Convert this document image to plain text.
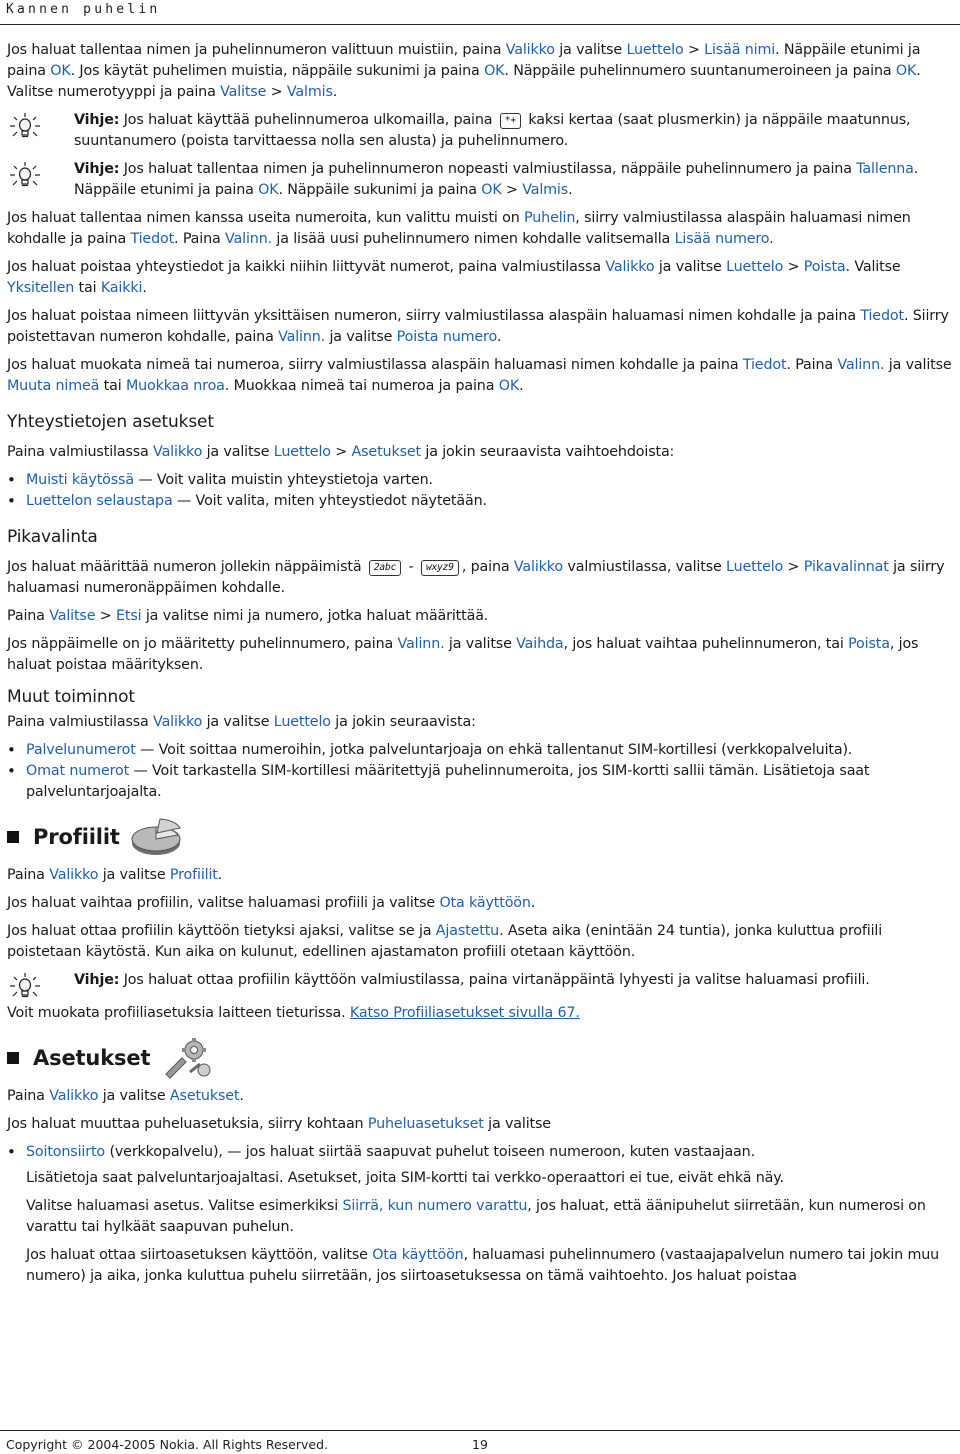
Kannen puhelin

Jos haluat tallentaa nimen ja puhelinnumeron valittuun muistiin, paina Valikko ja valitse Luettelo > Lisää nimi. Näppäile etunimi ja paina OK. Jos käytät puhelimen muistia, näppäile sukunimi ja paina OK. Näppäile puhelinnumero suuntanumeroineen ja paina OK. Valitse numerotyyppi ja paina Valitse > Valmis.

Vihje: Jos haluat käyttää puhelinnumeroa ulkomailla, paina *+ kaksi kertaa (saat plusmerkin) ja näppäile maatunnus, suuntanumero (poista tarvittaessa nolla sen alusta) ja puhelinnumero.
Vihje: Jos haluat tallentaa nimen ja puhelinnumeron nopeasti valmiustilassa, näppäile puhelinnumero ja paina Tallenna. Näppäile etunimi ja paina OK. Näppäile sukunimi ja paina OK > Valmis.

Jos haluat tallentaa nimen kanssa useita numeroita, kun valittu muisti on Puhelin, siirry valmiustilassa alaspäin haluamasi nimen kohdalle ja paina Tiedot. Paina Valinn. ja lisää uusi puhelinnumero nimen kohdalle valitsemalla Lisää numero.

Jos haluat poistaa yhteystiedot ja kaikki niihin liittyvät numerot, paina valmiustilassa Valikko ja valitse Luettelo > Poista. Valitse Yksitellen tai Kaikki.

Jos haluat poistaa nimeen liittyvän yksittäisen numeron, siirry valmiustilassa alaspäin haluamasi nimen kohdalle ja paina Tiedot. Siirry poistettavan numeron kohdalle, paina Valinn. ja valitse Poista numero.

Jos haluat muokata nimeä tai numeroa, siirry valmiustilassa alaspäin haluamasi nimen kohdalle ja paina Tiedot. Paina Valinn. ja valitse Muuta nimeä tai Muokkaa nroa. Muokkaa nimeä tai numeroa ja paina OK.

Yhteystietojen asetukset

Paina valmiustilassa Valikko ja valitse Luettelo > Asetukset ja jokin seuraavista vaihtoehdoista:

• Muisti käytössä — Voit valita muistin yhteystietoja varten.
• Luettelon selaustapa — Voit valita, miten yhteystiedot näytetään.
Pikavalinta

Jos haluat määrittää numeron jollekin näppäimistä 2abc - wxyz9 , paina Valikko valmiustilassa, valitse Luettelo > Pikavalinnat ja siirry haluamasi numeronäppäimen kohdalle.

Paina Valitse > Etsi ja valitse nimi ja numero, jotka haluat määrittää.

Jos näppäimelle on jo määritetty puhelinnumero, paina Valinn. ja valitse Vaihda, jos haluat vaihtaa puhelinnumeron, tai Poista, jos haluat poistaa määrityksen.

Muut toiminnot

Paina valmiustilassa Valikko ja valitse Luettelo ja jokin seuraavista:

• Palvelunumerot — Voit soittaa numeroihin, jotka palveluntarjoaja on ehkä tallentanut SIM-kortillesi (verkkopalveluita).
• Omat numerot — Voit tarkastella SIM-kortillesi määritettyjä puhelinnumeroita, jos SIM-kortti sallii tämän. Lisätietoja saat palveluntarjoajalta.
Profiilit

Paina Valikko ja valitse Profiilit.

Jos haluat vaihtaa profiilin, valitse haluamasi profiili ja valitse Ota käyttöön.

Jos haluat ottaa profiilin käyttöön tietyksi ajaksi, valitse se ja Ajastettu. Aseta aika (enintään 24 tuntia), jonka kuluttua profiili poistetaan käytöstä. Kun aika on kulunut, edellinen ajastamaton profiili otetaan käyttöön.

Vihje: Jos haluat ottaa profiilin käyttöön valmiustilassa, paina virtanäppäintä lyhyesti ja valitse haluamasi profiili.

Voit muokata profiiliasetuksia laitteen tieturissa. Katso Profiiliasetukset sivulla 67.

Asetukset

Paina Valikko ja valitse Asetukset.

Jos haluat muuttaa puheluasetuksia, siirry kohtaan Puheluasetukset ja valitse

• Soitonsiirto (verkkopalvelu), — jos haluat siirtää saapuvat puhelut toiseen numeroon, kuten vastaajaan.

Lisätietoja saat palveluntarjoajaltasi. Asetukset, joita SIM-kortti tai verkko-operaattori ei tue, eivät ehkä näy.

Valitse haluamasi asetus. Valitse esimerkiksi Siirrä, kun numero varattu, jos haluat, että äänipuhelut siirretään, kun numerosi on varattu tai hylkäät saapuvan puhelun.

Jos haluat ottaa siirtoasetuksen käyttöön, valitse Ota käyttöön, haluamasi puhelinnumero (vastaajapalvelun numero tai jokin muu numero) ja aika, jonka kuluttua puhelu siirretään, jos siirtoasetuksessa on tämä vaihtoehto. Jos haluat poistaa

Copyright © 2004-2005 Nokia. All Rights Reserved.	19
